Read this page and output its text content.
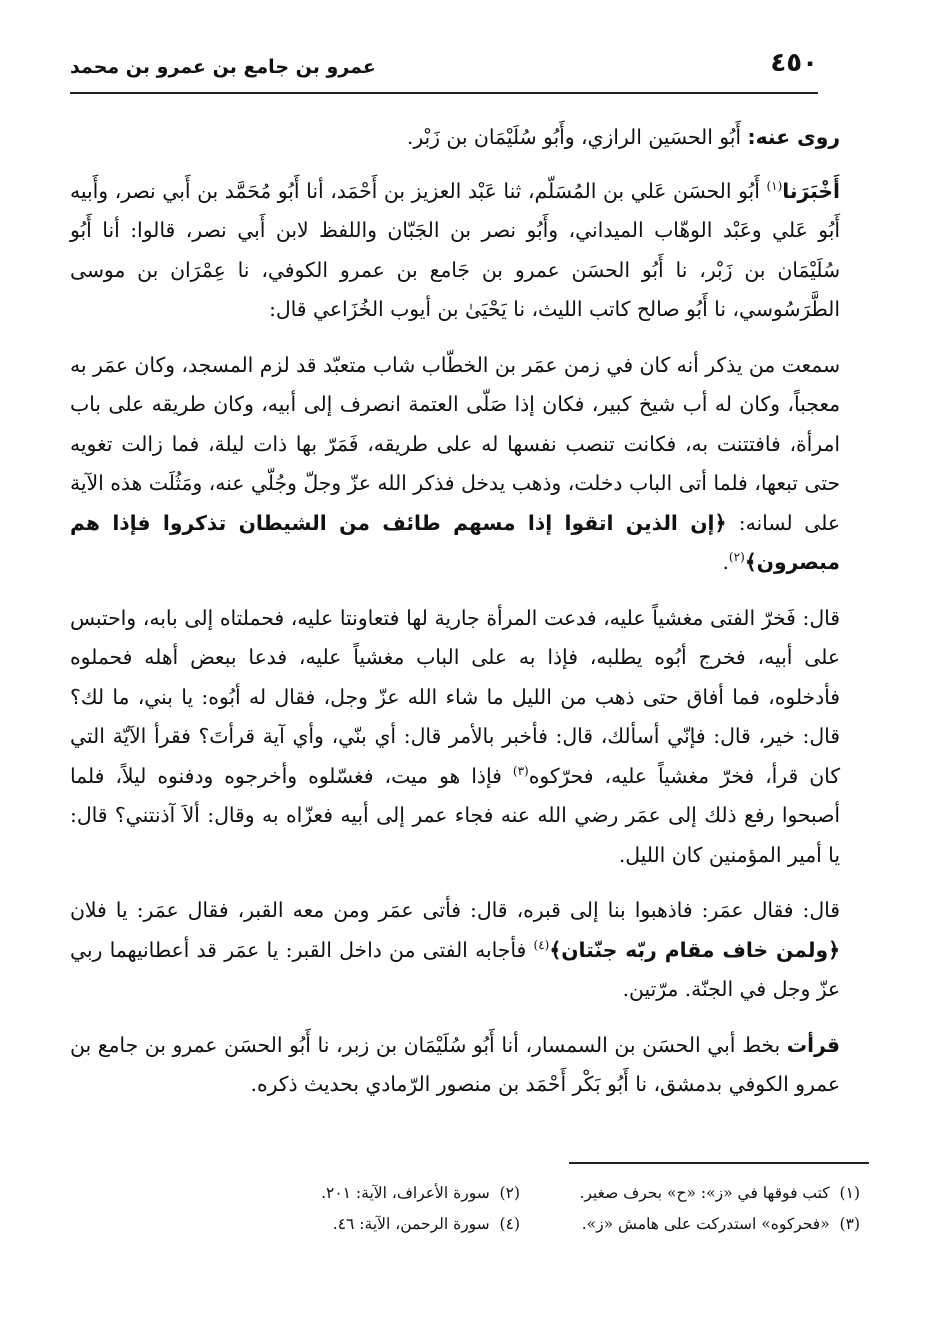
٤٥٠
عمرو بن جامع بن عمرو بن محمد

روى عنه: أَبُو الحسَين الرازي، وأَبُو سُلَيْمَان بن زَبْر.

أَخْبَرَنا$^{(١)}$ أَبُو الحسَن عَلي بن المُسَلّم، ثنا عَبْد العزيز بن أَحْمَد، أنا أَبُو مُحَمَّد بن أَبي نصر، وأَبيه أَبُو عَلي وعَبْد الوهّاب الميداني، وأَبُو نصر بن الجَبّان واللفظ لابن أَبي نصر، قالوا: أنا أَبُو سُلَيْمَان بن زَبْر، نا أَبُو الحسَن عمرو بن جَامع بن عمرو الكوفي، نا عِمْرَان بن موسى الطَّرَسُوسي، نا أَبُو صالح كاتب الليث، نا يَحْيَىٰ بن أيوب الخُزَاعي قال:

سمعت من يذكر أنه كان في زمن عمَر بن الخطّاب شاب متعبّد قد لزم المسجد، وكان عمَر به معجباً، وكان له أب شيخ كبير، فكان إذا صَلّى العتمة انصرف إلى أبيه، وكان طريقه على باب امرأة، فافتتنت به، فكانت تنصب نفسها له على طريقه، فَمَرّ بها ذات ليلة، فما زالت تغويه حتى تبعها، فلما أتى الباب دخلت، وذهب يدخل فذكر الله عزّ وجلّ وجُلّي عنه، ومَثُلَت هذه الآية على لسانه: ﴿إن الذين اتقوا إذا مسهم طائف من الشيطان تذكروا فإذا هم مبصرون﴾$^{(٢)}$.

قال: فَخرّ الفتى مغشياً عليه، فدعت المرأة جارية لها فتعاونتا عليه، فحملتاه إلى بابه، واحتبس على أبيه، فخرج أبُوه يطلبه، فإذا به على الباب مغشياً عليه، فدعا ببعض أهله فحملوه فأدخلوه، فما أفاق حتى ذهب من الليل ما شاء الله عزّ وجل، فقال له أبُوه: يا بني، ما لك؟ قال: خير، قال: فإنّي أسألك، قال: فأخبر بالأمر قال: أي بنّي، وأي آية قرأتَ؟ فقرأ الآيّة التي كان قرأ، فخرّ مغشياً عليه، فحرّكوه$^{(٣)}$ فإذا هو ميت، فغسّلوه وأخرجوه ودفنوه ليلاً، فلما أصبحوا رفع ذلك إلى عمَر رضي الله عنه فجاء عمر إلى أبيه فعزّاه به وقال: ألاَ آذنتني؟ قال: يا أمير المؤمنين كان الليل.

قال: فقال عمَر: فاذهبوا بنا إلى قبره، قال: فأتى عمَر ومن معه القبر، فقال عمَر: يا فلان ﴿ولمن خاف مقام ربّه جنّتان﴾$^{(٤)}$ فأجابه الفتى من داخل القبر: يا عمَر قد أعطانيهما ربي عزّ وجل في الجنّة. مرّتين.

قرأت بخط أبي الحسَن بن السمسار، أنا أَبُو سُلَيْمَان بن زبر، نا أَبُو الحسَن عمرو بن جامع بن عمرو الكوفي بدمشق، نا أَبُو بَكْر أَحْمَد بن منصور الرّمادي بحديث ذكره.

(١)  كتب فوقها في «ز»: «ح» بحرف صغير.
(٢)  سورة الأعراف، الآية: ٢٠١.
(٣)  «فحركوه» استدركت على هامش «ز».
(٤)  سورة الرحمن، الآية: ٤٦.
